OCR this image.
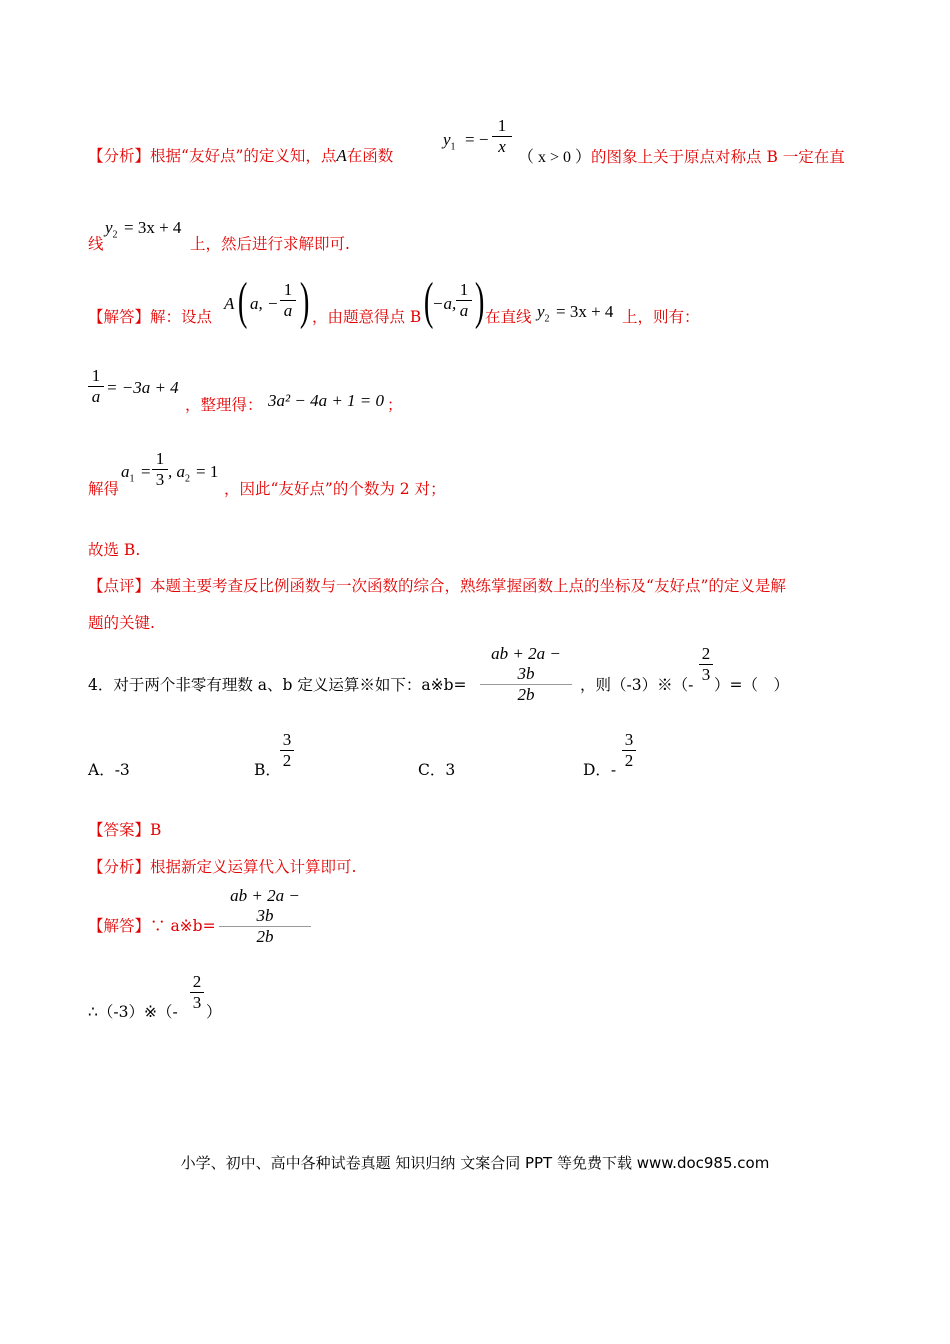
【分析】根据“友好点”的定义知，点A在函数
$y_1$ = −
1
x
（ x > 0 ）的图象上关于原点对称点 B 一定在直
线
$y_2 = 3x + 4$
上，然后进行求解即可.
【解答】解：设点
A ( a, −
1
a ) ，由题意得点 B (
−a,
1
a ) 在直线 $y_2 = 3x + 4$ 上，则有：
1
a = −3a + 4
，整理得： 3a² − 4a + 1 = 0 ；
解得
$a_1$ =
1
3 , $a_2 = 1$
，因此“友好点”的个数为 2 对；
故选 B.
【点评】本题主要考查反比例函数与一次函数的综合，熟练掌握函数上点的坐标及“友好点”的定义是解
题的关键.
4．对于两个非零有理数 a、b 定义运算※如下：a※b=
ab + 2a − 3b
2b	，则（-3）※（-
2
3
）=（　）
A．-3	B．
3
2	C．3	D．-
3
2
【答案】B
【分析】根据新定义运算代入计算即可.
【解答】∵ a※b=
ab + 2a − 3b
2b
∴（-3）※（-
2
3 ）
小学、初中、高中各种试卷真题 知识归纳 文案合同 PPT 等免费下载 www.doc985.com
